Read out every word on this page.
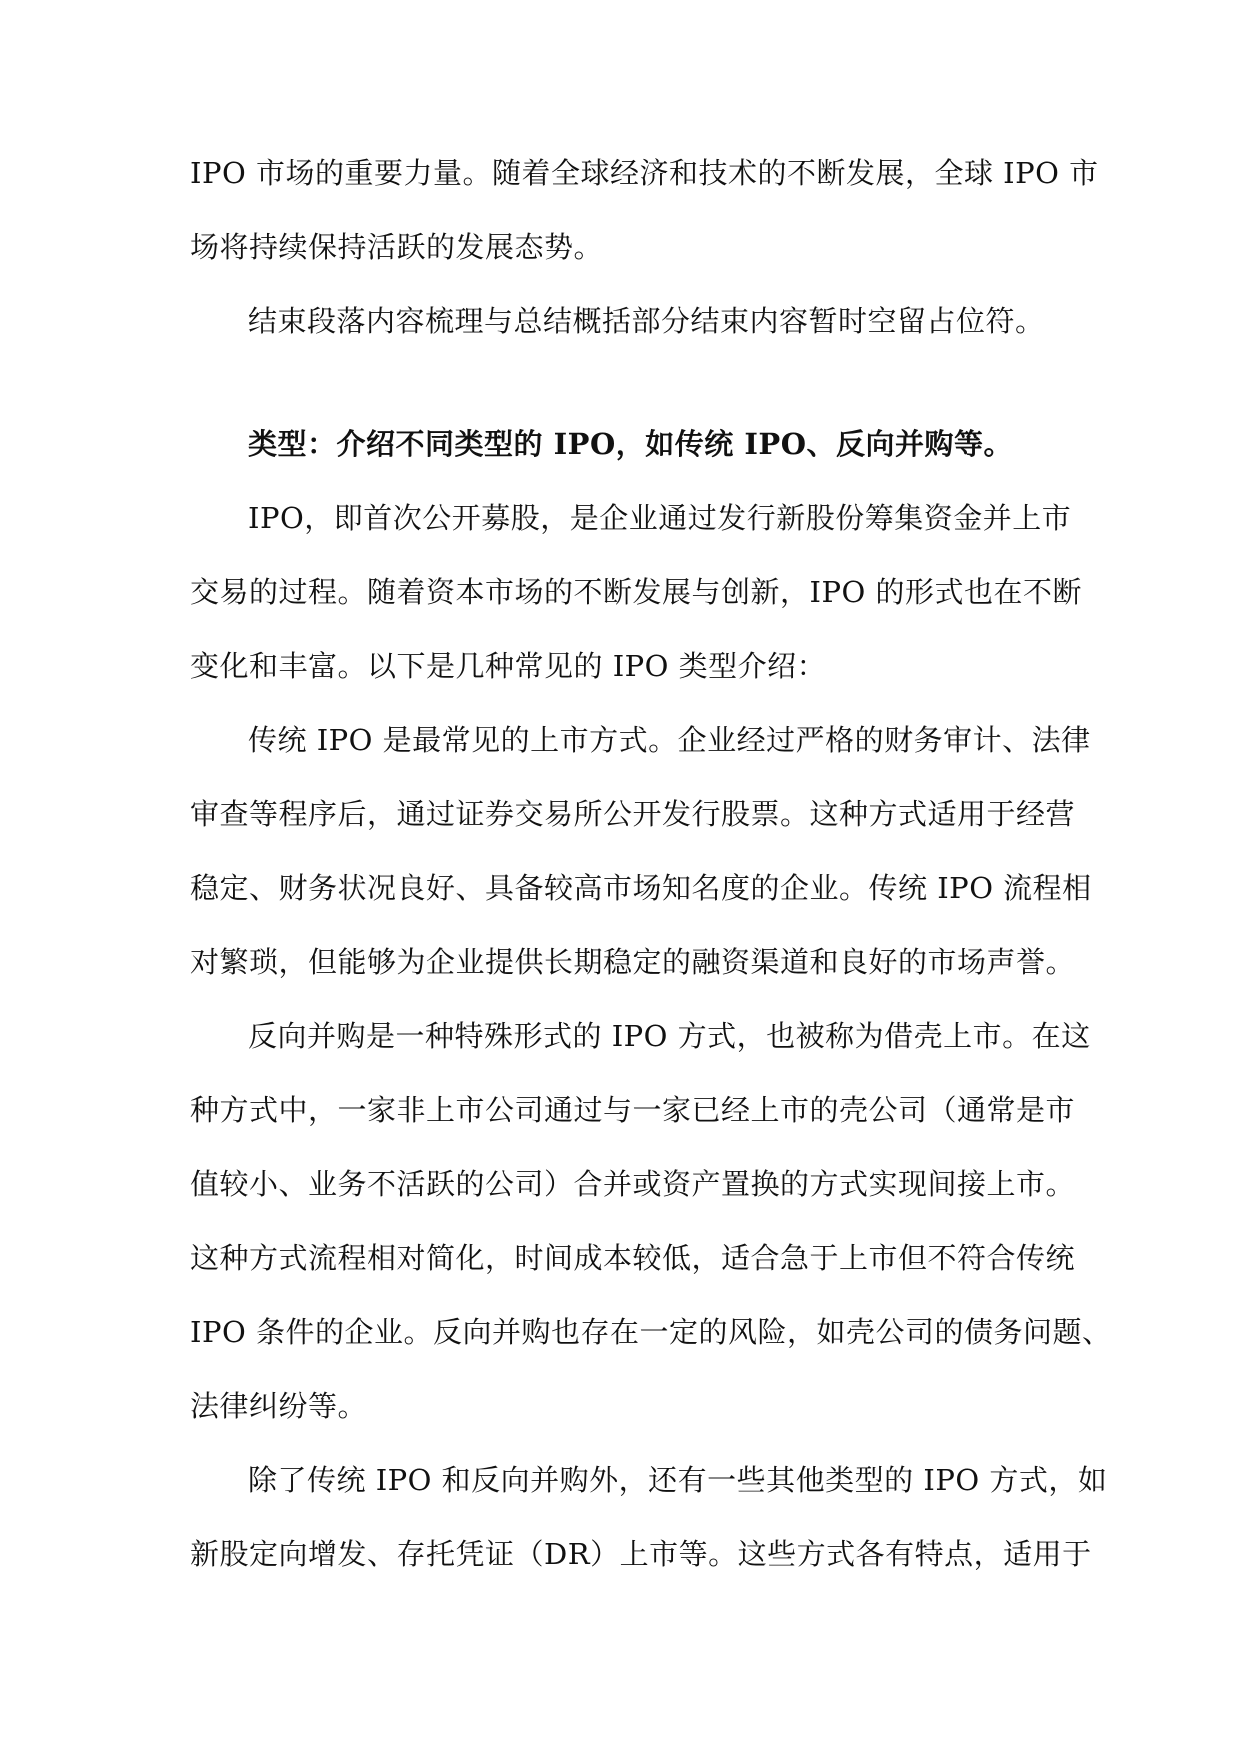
IPO 市场的重要力量。随着全球经济和技术的不断发展，全球 IPO 市
场将持续保持活跃的发展态势。
结束段落内容梳理与总结概括部分结束内容暂时空留占位符。
类型：介绍不同类型的 IPO，如传统 IPO、反向并购等。
IPO，即首次公开募股，是企业通过发行新股份筹集资金并上市
交易的过程。随着资本市场的不断发展与创新，IPO 的形式也在不断
变化和丰富。以下是几种常见的 IPO 类型介绍：
传统 IPO 是最常见的上市方式。企业经过严格的财务审计、法律
审查等程序后，通过证券交易所公开发行股票。这种方式适用于经营
稳定、财务状况良好、具备较高市场知名度的企业。传统 IPO 流程相
对繁琐，但能够为企业提供长期稳定的融资渠道和良好的市场声誉。
反向并购是一种特殊形式的 IPO 方式，也被称为借壳上市。在这
种方式中，一家非上市公司通过与一家已经上市的壳公司（通常是市
值较小、业务不活跃的公司）合并或资产置换的方式实现间接上市。
这种方式流程相对简化，时间成本较低，适合急于上市但不符合传统
IPO 条件的企业。反向并购也存在一定的风险，如壳公司的债务问题、
法律纠纷等。
除了传统 IPO 和反向并购外，还有一些其他类型的 IPO 方式，如
新股定向增发、存托凭证（DR）上市等。这些方式各有特点，适用于
